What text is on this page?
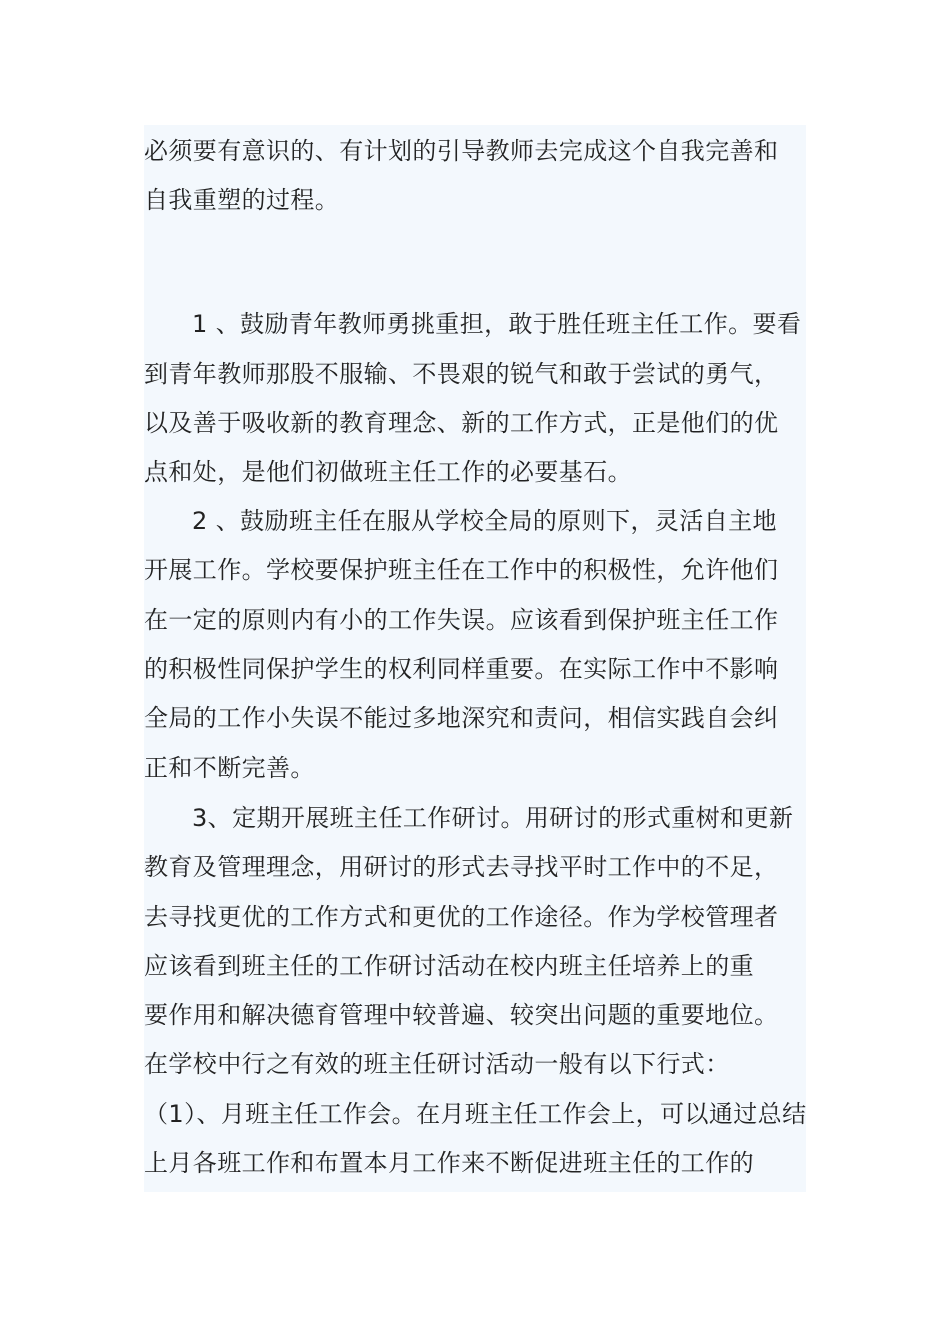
必须要有意识的、有计划的引导教师去完成这个自我完善和
自我重塑的过程。
1 、鼓励青年教师勇挑重担，敢于胜任班主任工作。要看
到青年教师那股不服输、不畏艰的锐气和敢于尝试的勇气，
以及善于吸收新的教育理念、新的工作方式，正是他们的优
点和处，是他们初做班主任工作的必要基石。
2 、鼓励班主任在服从学校全局的原则下，灵活自主地
开展工作。学校要保护班主任在工作中的积极性，允许他们
在一定的原则内有小的工作失误。应该看到保护班主任工作
的积极性同保护学生的权利同样重要。在实际工作中不影响
全局的工作小失误不能过多地深究和责问，相信实践自会纠
正和不断完善。
3、定期开展班主任工作研讨。用研讨的形式重树和更新
教育及管理理念，用研讨的形式去寻找平时工作中的不足，
去寻找更优的工作方式和更优的工作途径。作为学校管理者
应该看到班主任的工作研讨活动在校内班主任培养上的重
要作用和解决德育管理中较普遍、较突出问题的重要地位。
在学校中行之有效的班主任研讨活动一般有以下行式：
（1）、月班主任工作会。在月班主任工作会上，可以通过总结
上月各班工作和布置本月工作来不断促进班主任的工作的
